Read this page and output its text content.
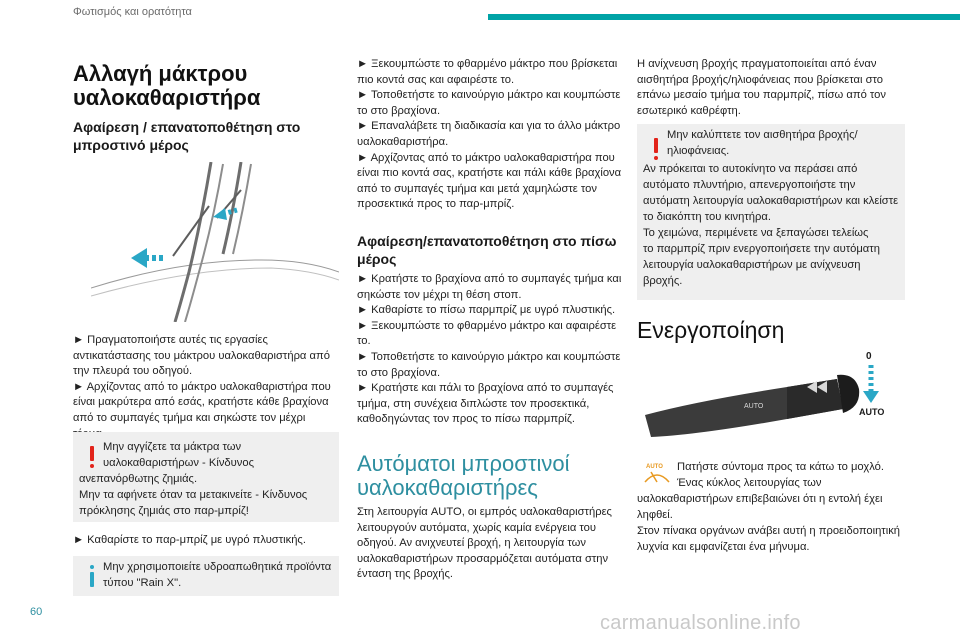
Φωτισμός και ορατότητα
Αλλαγή μάκτρου
υαλοκαθαριστήρα
Αφαίρεση / επανατοποθέτηση στο
μπροστινό μέρος
► Πραγματοποιήστε αυτές τις εργασίες
αντικατάστασης του μάκτρου υαλοκαθαριστήρα από
την πλευρά του οδηγού.
► Αρχίζοντας από το μάκτρο υαλοκαθαριστήρα που
είναι μακρύτερα από εσάς, κρατήστε κάθε βραχίονα
από το συμπαγές τμήμα και σηκώστε τον μέχρι
Μην αγγίζετε τα μάκτρα των
υαλοκαθαριστήρων - Κίνδυνος
ανεπανόρθωτης ζημιάς.
Μην τα αφήνετε όταν τα μετακινείτε - Κίνδυνος
πρόκλησης ζημιάς στο παρ-μπρίζ!
► Καθαρίστε το παρ-μπρίζ με υγρό πλυστικής.
Μην χρησιμοποιείτε υδροαπωθητικά προϊόντα
τύπου "Rain X".
► Ξεκουμπώστε το φθαρμένο μάκτρο που βρίσκεται
πιο κοντά σας και αφαιρέστε το.
► Τοποθετήστε το καινούργιο μάκτρο και κουμπώστε
το στο βραχίονα.
► Επαναλάβετε τη διαδικασία και για το άλλο μάκτρο
υαλοκαθαριστήρα.
► Αρχίζοντας από το μάκτρο υαλοκαθαριστήρα που
είναι πιο κοντά σας, κρατήστε και πάλι κάθε βραχίονα
από το συμπαγές τμήμα και μετά χαμηλώστε τον
προσεκτικά προς το παρ-μπρίζ.
Αφαίρεση/επανατοποθέτηση στο πίσω
μέρος
► Κρατήστε το βραχίονα από το συμπαγές τμήμα και
σηκώστε τον μέχρι τη θέση στοπ.
► Καθαρίστε το πίσω παρμπρίζ με υγρό πλυστικής.
► Ξεκουμπώστε το φθαρμένο μάκτρο και αφαιρέστε
το.
► Τοποθετήστε το καινούργιο μάκτρο και κουμπώστε
το στο βραχίονα.
► Κρατήστε και πάλι το βραχίονα από το συμπαγές
τμήμα, στη συνέχεια διπλώστε τον προσεκτικά,
καθοδηγώντας τον προς το πίσω παρμπρίζ.
Αυτόματοι μπροστινοί
υαλοκαθαριστήρες
Στη λειτουργία AUTO, οι εμπρός υαλοκαθαριστήρες
λειτουργούν αυτόματα, χωρίς καμία ενέργεια του
οδηγού. Αν ανιχνευτεί βροχή, η λειτουργία των
υαλοκαθαριστήρων προσαρμόζεται αυτόματα στην
ένταση της βροχής.
Η ανίχνευση βροχής πραγματοποιείται από έναν
αισθητήρα βροχής/ηλιοφάνειας που βρίσκεται στο
επάνω μεσαίο τμήμα του παρμπρίζ, πίσω από τον
εσωτερικό καθρέφτη.
Μην καλύπτετε τον αισθητήρα βροχής/
ηλιοφάνειας.
Αν πρόκειται το αυτοκίνητο να περάσει από
αυτόματο πλυντήριο, απενεργοποιήστε την
αυτόματη λειτουργία υαλοκαθαριστήρων και κλείστε
το διακόπτη του κινητήρα.
Το χειμώνα, περιμένετε να ξεπαγώσει τελείως
το παρμπρίζ πριν ενεργοποιήσετε την αυτόματη
λειτουργία υαλοκαθαριστήρων με ανίχνευση
βροχής.
Ενεργοποίηση
AUTO
0
AUTO
AUTO Πατήστε σύντομα προς τα κάτω το μοχλό.
Ένας κύκλος λειτουργίας των
υαλοκαθαριστήρων επιβεβαιώνει ότι η εντολή έχει
ληφθεί.
Στον πίνακα οργάνων ανάβει αυτή η προειδοποιητική
λυχνία και εμφανίζεται ένα μήνυμα.
60	carmanualsonline.info
